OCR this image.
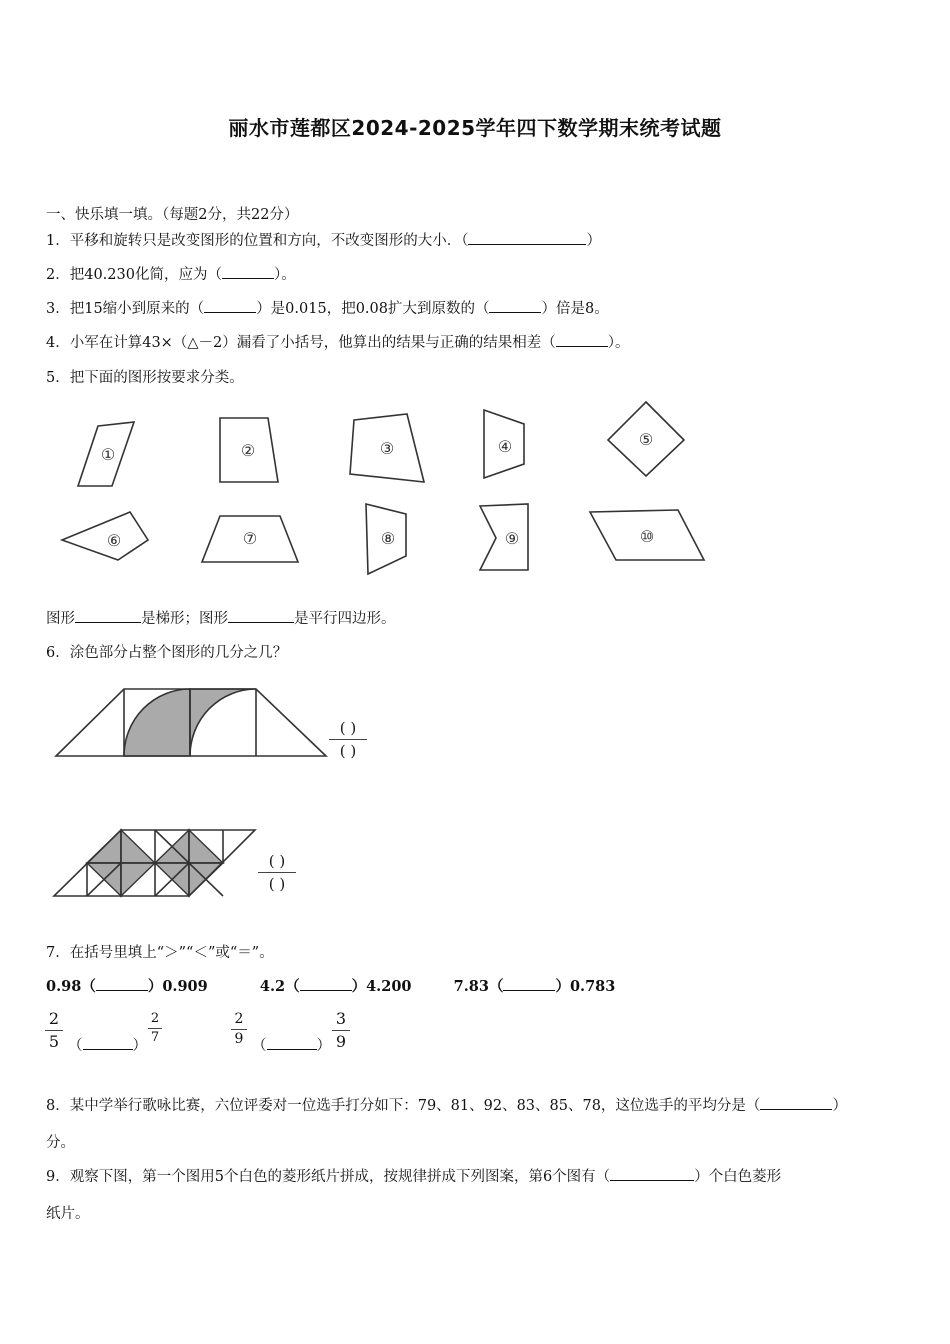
丽水市莲都区2024-2025学年四下数学期末统考试题
一、快乐填一填。（每题2分，共22分）
1．平移和旋转只是改变图形的位置和方向，不改变图形的大小．（	）
2．把40.230化简，应为（	）。
3．把15缩小到原来的（	）是0.015，把0.08扩大到原数的（	）倍是8。
4．小军在计算43×（△－2）漏看了小括号，他算出的结果与正确的结果相差（	）。
5．把下面的图形按要求分类。
①	②	③	④	⑤
⑥	⑦	⑧	⑨	⑩
图形	是梯形；图形	是平行四边形。
6．涂色部分占整个图形的几分之几？
( )
( )
( )
( )
7．在括号里填上“＞”“＜”或“＝”。
0.98（	）0.909	4.2（	）4.200	7.83（	）0.783
2
5 （	）
2
7
2
9 （	）
3
9
8．某中学举行歌咏比赛，六位评委对一位选手打分如下：79、81、92、83、85、78，这位选手的平均分是（	）
分。
9．观察下图，第一个图用5个白色的菱形纸片拼成，按规律拼成下列图案，第6个图有（	）个白色菱形
纸片。
